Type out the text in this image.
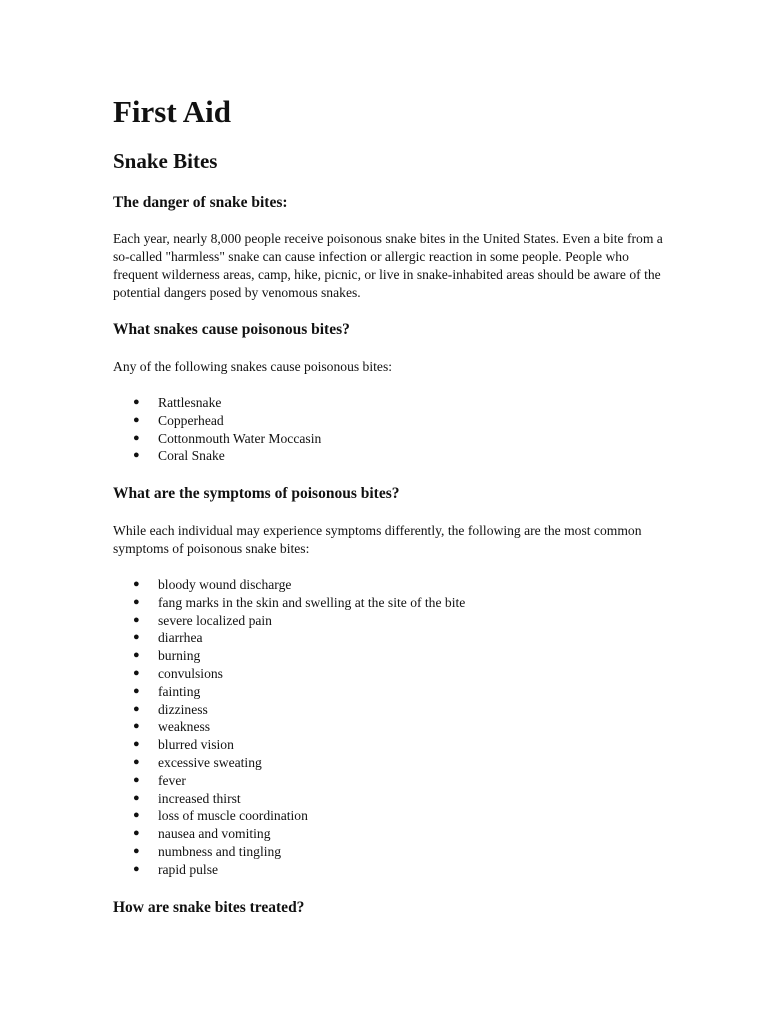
First Aid
Snake Bites
The danger of snake bites:

Each year, nearly 8,000 people receive poisonous snake bites in the United States. Even a bite from a so-called "harmless" snake can cause infection or allergic reaction in some people. People who frequent wilderness areas, camp, hike, picnic, or live in snake-inhabited areas should be aware of the potential dangers posed by venomous snakes.

What snakes cause poisonous bites?

Any of the following snakes cause poisonous bites:

● Rattlesnake
● Copperhead
● Cottonmouth Water Moccasin
● Coral Snake
What are the symptoms of poisonous bites?

While each individual may experience symptoms differently, the following are the most common symptoms of poisonous snake bites:

● bloody wound discharge
● fang marks in the skin and swelling at the site of the bite
● severe localized pain
● diarrhea
● burning
● convulsions
● fainting
● dizziness
● weakness
● blurred vision
● excessive sweating
● fever
● increased thirst
● loss of muscle coordination
● nausea and vomiting
● numbness and tingling
● rapid pulse
How are snake bites treated?
